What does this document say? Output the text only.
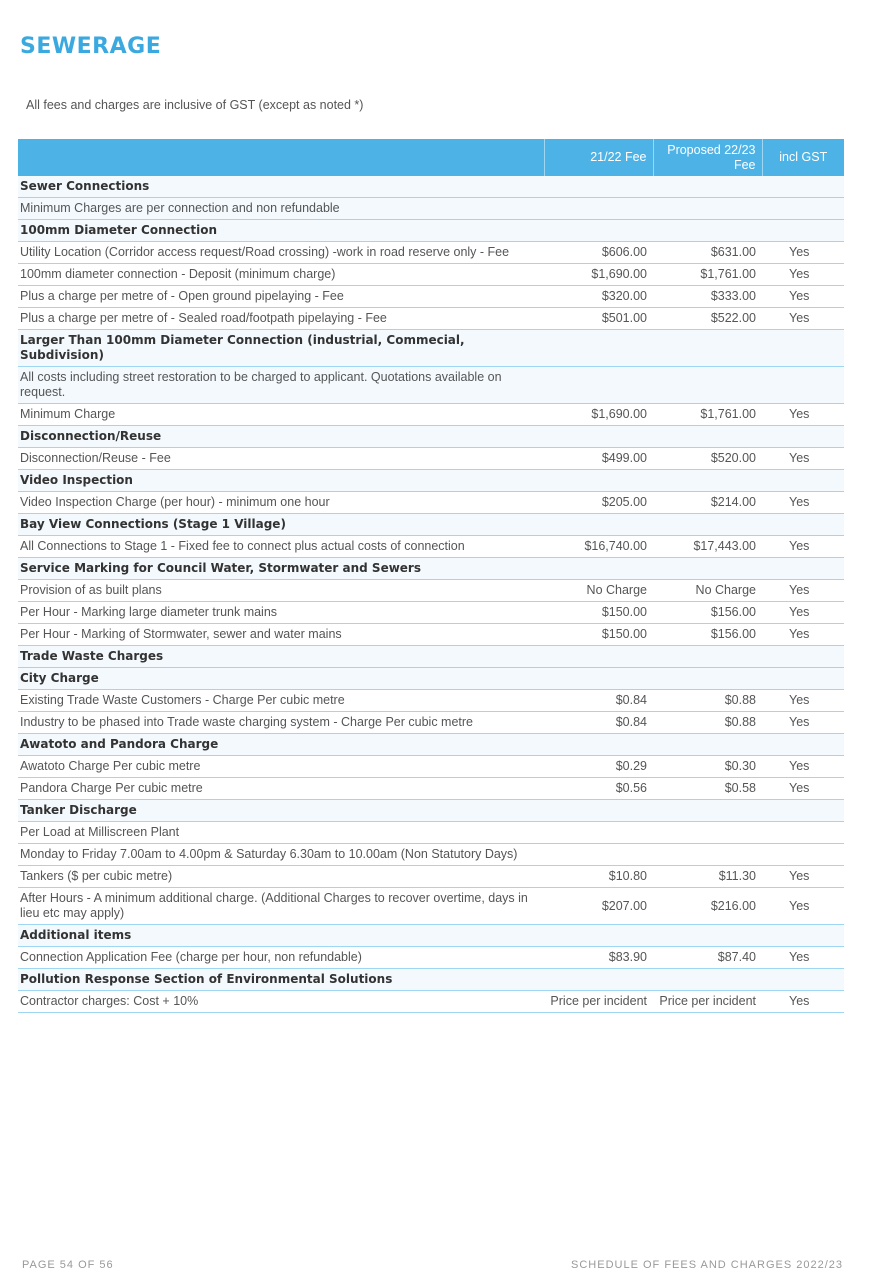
SEWERAGE
All fees and charges are inclusive of GST (except as noted *)
	21/22 Fee	Proposed 22/23 Fee	incl GST
Sewer Connections			
Minimum Charges are per connection and non refundable			
100mm Diameter Connection			
Utility Location (Corridor access request/Road crossing) -work in road reserve only - Fee	$606.00	$631.00	Yes
100mm diameter connection - Deposit (minimum charge)	$1,690.00	$1,761.00	Yes
Plus a charge per metre of - Open ground pipelaying - Fee	$320.00	$333.00	Yes
Plus a charge per metre of - Sealed road/footpath pipelaying - Fee	$501.00	$522.00	Yes
Larger Than 100mm Diameter Connection (industrial, Commecial, Subdivision)			
All costs including street restoration to be charged to applicant. Quotations available on request.			
Minimum Charge	$1,690.00	$1,761.00	Yes
Disconnection/Reuse			
Disconnection/Reuse - Fee	$499.00	$520.00	Yes
Video Inspection			
Video Inspection Charge (per hour) - minimum one hour	$205.00	$214.00	Yes
Bay View Connections (Stage 1 Village)			
All Connections to Stage 1 - Fixed fee to connect plus actual costs of connection	$16,740.00	$17,443.00	Yes
Service Marking for Council Water, Stormwater and Sewers			
Provision of as built plans	No Charge	No Charge	Yes
Per Hour - Marking large diameter trunk mains	$150.00	$156.00	Yes
Per Hour - Marking of Stormwater, sewer and water mains	$150.00	$156.00	Yes
Trade Waste Charges			
City Charge			
Existing Trade Waste Customers - Charge Per cubic metre	$0.84	$0.88	Yes
Industry to be phased into Trade waste charging system - Charge Per cubic metre	$0.84	$0.88	Yes
Awatoto and Pandora Charge			
Awatoto Charge Per cubic metre	$0.29	$0.30	Yes
Pandora Charge Per cubic metre	$0.56	$0.58	Yes
Tanker Discharge			
Per Load at Milliscreen Plant			
Monday to Friday 7.00am to 4.00pm & Saturday 6.30am to 10.00am (Non Statutory Days)			
Tankers ($ per cubic metre)	$10.80	$11.30	Yes
After Hours - A minimum additional charge. (Additional Charges to recover overtime, days in lieu etc may apply)	$207.00	$216.00	Yes
Additional items			
Connection Application Fee (charge per hour, non refundable)	$83.90	$87.40	Yes
Pollution Response Section of Environmental Solutions			
Contractor charges: Cost + 10%	Price per incident	Price per incident	Yes
PAGE 54 OF 56	SCHEDULE OF FEES AND CHARGES 2022/23
